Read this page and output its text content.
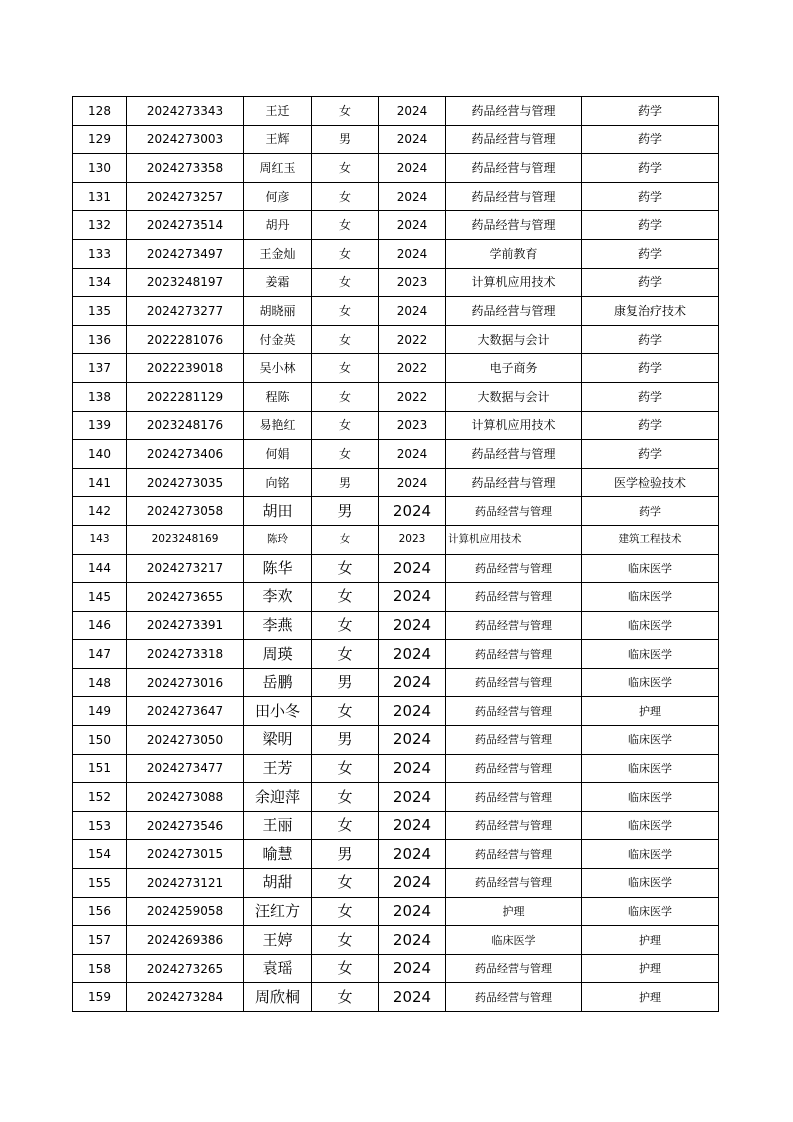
128	2024273343	王迁	女	2024	药品经营与管理	药学
129	2024273003	王辉	男	2024	药品经营与管理	药学
130	2024273358	周红玉	女	2024	药品经营与管理	药学
131	2024273257	何彦	女	2024	药品经营与管理	药学
132	2024273514	胡丹	女	2024	药品经营与管理	药学
133	2024273497	王金灿	女	2024	学前教育	药学
134	2023248197	姜霜	女	2023	计算机应用技术	药学
135	2024273277	胡晓丽	女	2024	药品经营与管理	康复治疗技术
136	2022281076	付金英	女	2022	大数据与会计	药学
137	2022239018	吴小林	女	2022	电子商务	药学
138	2022281129	程陈	女	2022	大数据与会计	药学
139	2023248176	易艳红	女	2023	计算机应用技术	药学
140	2024273406	何娟	女	2024	药品经营与管理	药学
141	2024273035	向铭	男	2024	药品经营与管理	医学检验技术
142	2024273058	胡田	男	2024	药品经营与管理	药学
143	2023248169	陈玲	女	2023	计算机应用技术	建筑工程技术
144	2024273217	陈华	女	2024	药品经营与管理	临床医学
145	2024273655	李欢	女	2024	药品经营与管理	临床医学
146	2024273391	李燕	女	2024	药品经营与管理	临床医学
147	2024273318	周瑛	女	2024	药品经营与管理	临床医学
148	2024273016	岳鹏	男	2024	药品经营与管理	临床医学
149	2024273647	田小冬	女	2024	药品经营与管理	护理
150	2024273050	梁明	男	2024	药品经营与管理	临床医学
151	2024273477	王芳	女	2024	药品经营与管理	临床医学
152	2024273088	余迎萍	女	2024	药品经营与管理	临床医学
153	2024273546	王丽	女	2024	药品经营与管理	临床医学
154	2024273015	喻慧	男	2024	药品经营与管理	临床医学
155	2024273121	胡甜	女	2024	药品经营与管理	临床医学
156	2024259058	汪红方	女	2024	护理	临床医学
157	2024269386	王婷	女	2024	临床医学	护理
158	2024273265	袁瑶	女	2024	药品经营与管理	护理
159	2024273284	周欣桐	女	2024	药品经营与管理	护理
